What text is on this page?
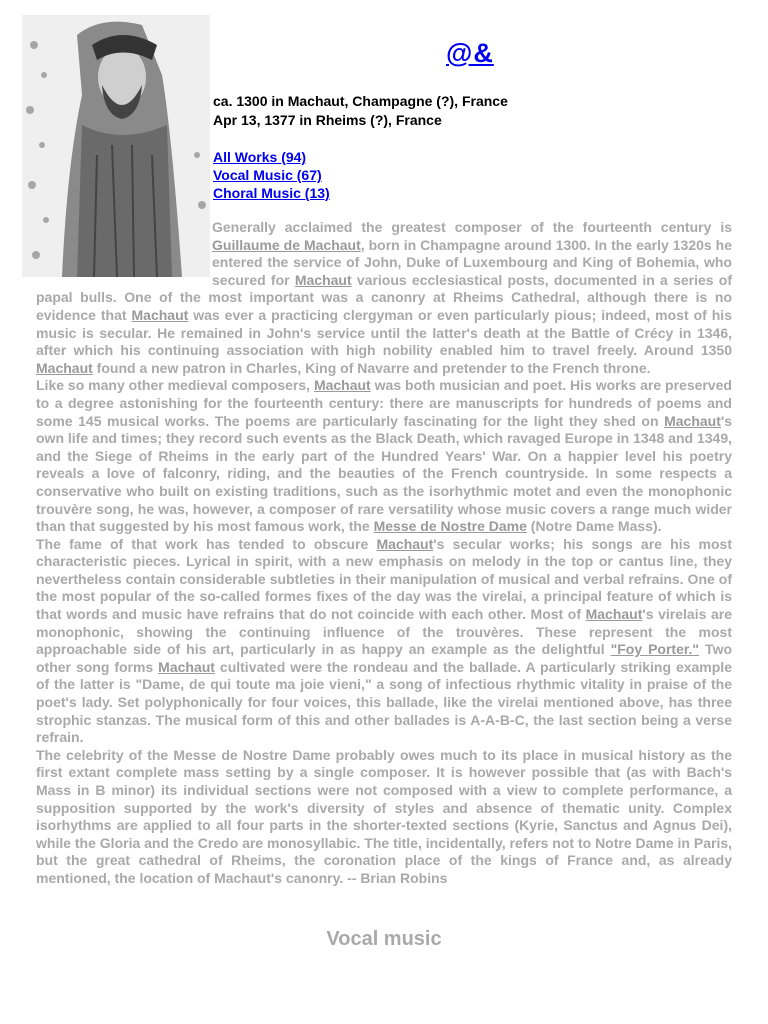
@&
ca. 1300 in Machaut, Champagne (?), France
Apr 13, 1377 in Rheims (?), France
All Works (94)
Vocal Music (67)
Choral Music (13)

Generally acclaimed the greatest composer of the fourteenth century is Guillaume de Machaut, born in Champagne around 1300. In the early 1320s he entered the service of John, Duke of Luxembourg and King of Bohemia, who secured for Machaut various ecclesiastical posts, documented in a series of papal bulls. One of the most important was a canonry at Rheims Cathedral, although there is no evidence that Machaut was ever a practicing clergyman or even particularly pious; indeed, most of his music is secular. He remained in John's service until the latter's death at the Battle of Crécy in 1346, after which his continuing association with high nobility enabled him to travel freely. Around 1350 Machaut found a new patron in Charles, King of Navarre and pretender to the French throne.

Like so many other medieval composers, Machaut was both musician and poet. His works are preserved to a degree astonishing for the fourteenth century: there are manuscripts for hundreds of poems and some 145 musical works. The poems are particularly fascinating for the light they shed on Machaut's own life and times; they record such events as the Black Death, which ravaged Europe in 1348 and 1349, and the Siege of Rheims in the early part of the Hundred Years' War. On a happier level his poetry reveals a love of falconry, riding, and the beauties of the French countryside. In some respects a conservative who built on existing traditions, such as the isorhythmic motet and even the monophonic trouvère song, he was, however, a composer of rare versatility whose music covers a range much wider than that suggested by his most famous work, the Messe de Nostre Dame (Notre Dame Mass).

The fame of that work has tended to obscure Machaut's secular works; his songs are his most characteristic pieces. Lyrical in spirit, with a new emphasis on melody in the top or cantus line, they nevertheless contain considerable subtleties in their manipulation of musical and verbal refrains. One of the most popular of the so-called formes fixes of the day was the virelai, a principal feature of which is that words and music have refrains that do not coincide with each other. Most of Machaut's virelais are monophonic, showing the continuing influence of the trouvères. These represent the most approachable side of his art, particularly in as happy an example as the delightful "Foy Porter." Two other song forms Machaut cultivated were the rondeau and the ballade. A particularly striking example of the latter is "Dame, de qui toute ma joie vieni," a song of infectious rhythmic vitality in praise of the poet's lady. Set polyphonically for four voices, this ballade, like the virelai mentioned above, has three strophic stanzas. The musical form of this and other ballades is A-A-B-C, the last section being a verse refrain.

The celebrity of the Messe de Nostre Dame probably owes much to its place in musical history as the first extant complete mass setting by a single composer. It is however possible that (as with Bach's Mass in B minor) its individual sections were not composed with a view to complete performance, a supposition supported by the work's diversity of styles and absence of thematic unity. Complex isorhythms are applied to all four parts in the shorter-texted sections (Kyrie, Sanctus and Agnus Dei), while the Gloria and the Credo are monosyllabic. The title, incidentally, refers not to Notre Dame in Paris, but the great cathedral of Rheims, the coronation place of the kings of France and, as already mentioned, the location of Machaut's canonry. -- Brian Robins

Vocal music
